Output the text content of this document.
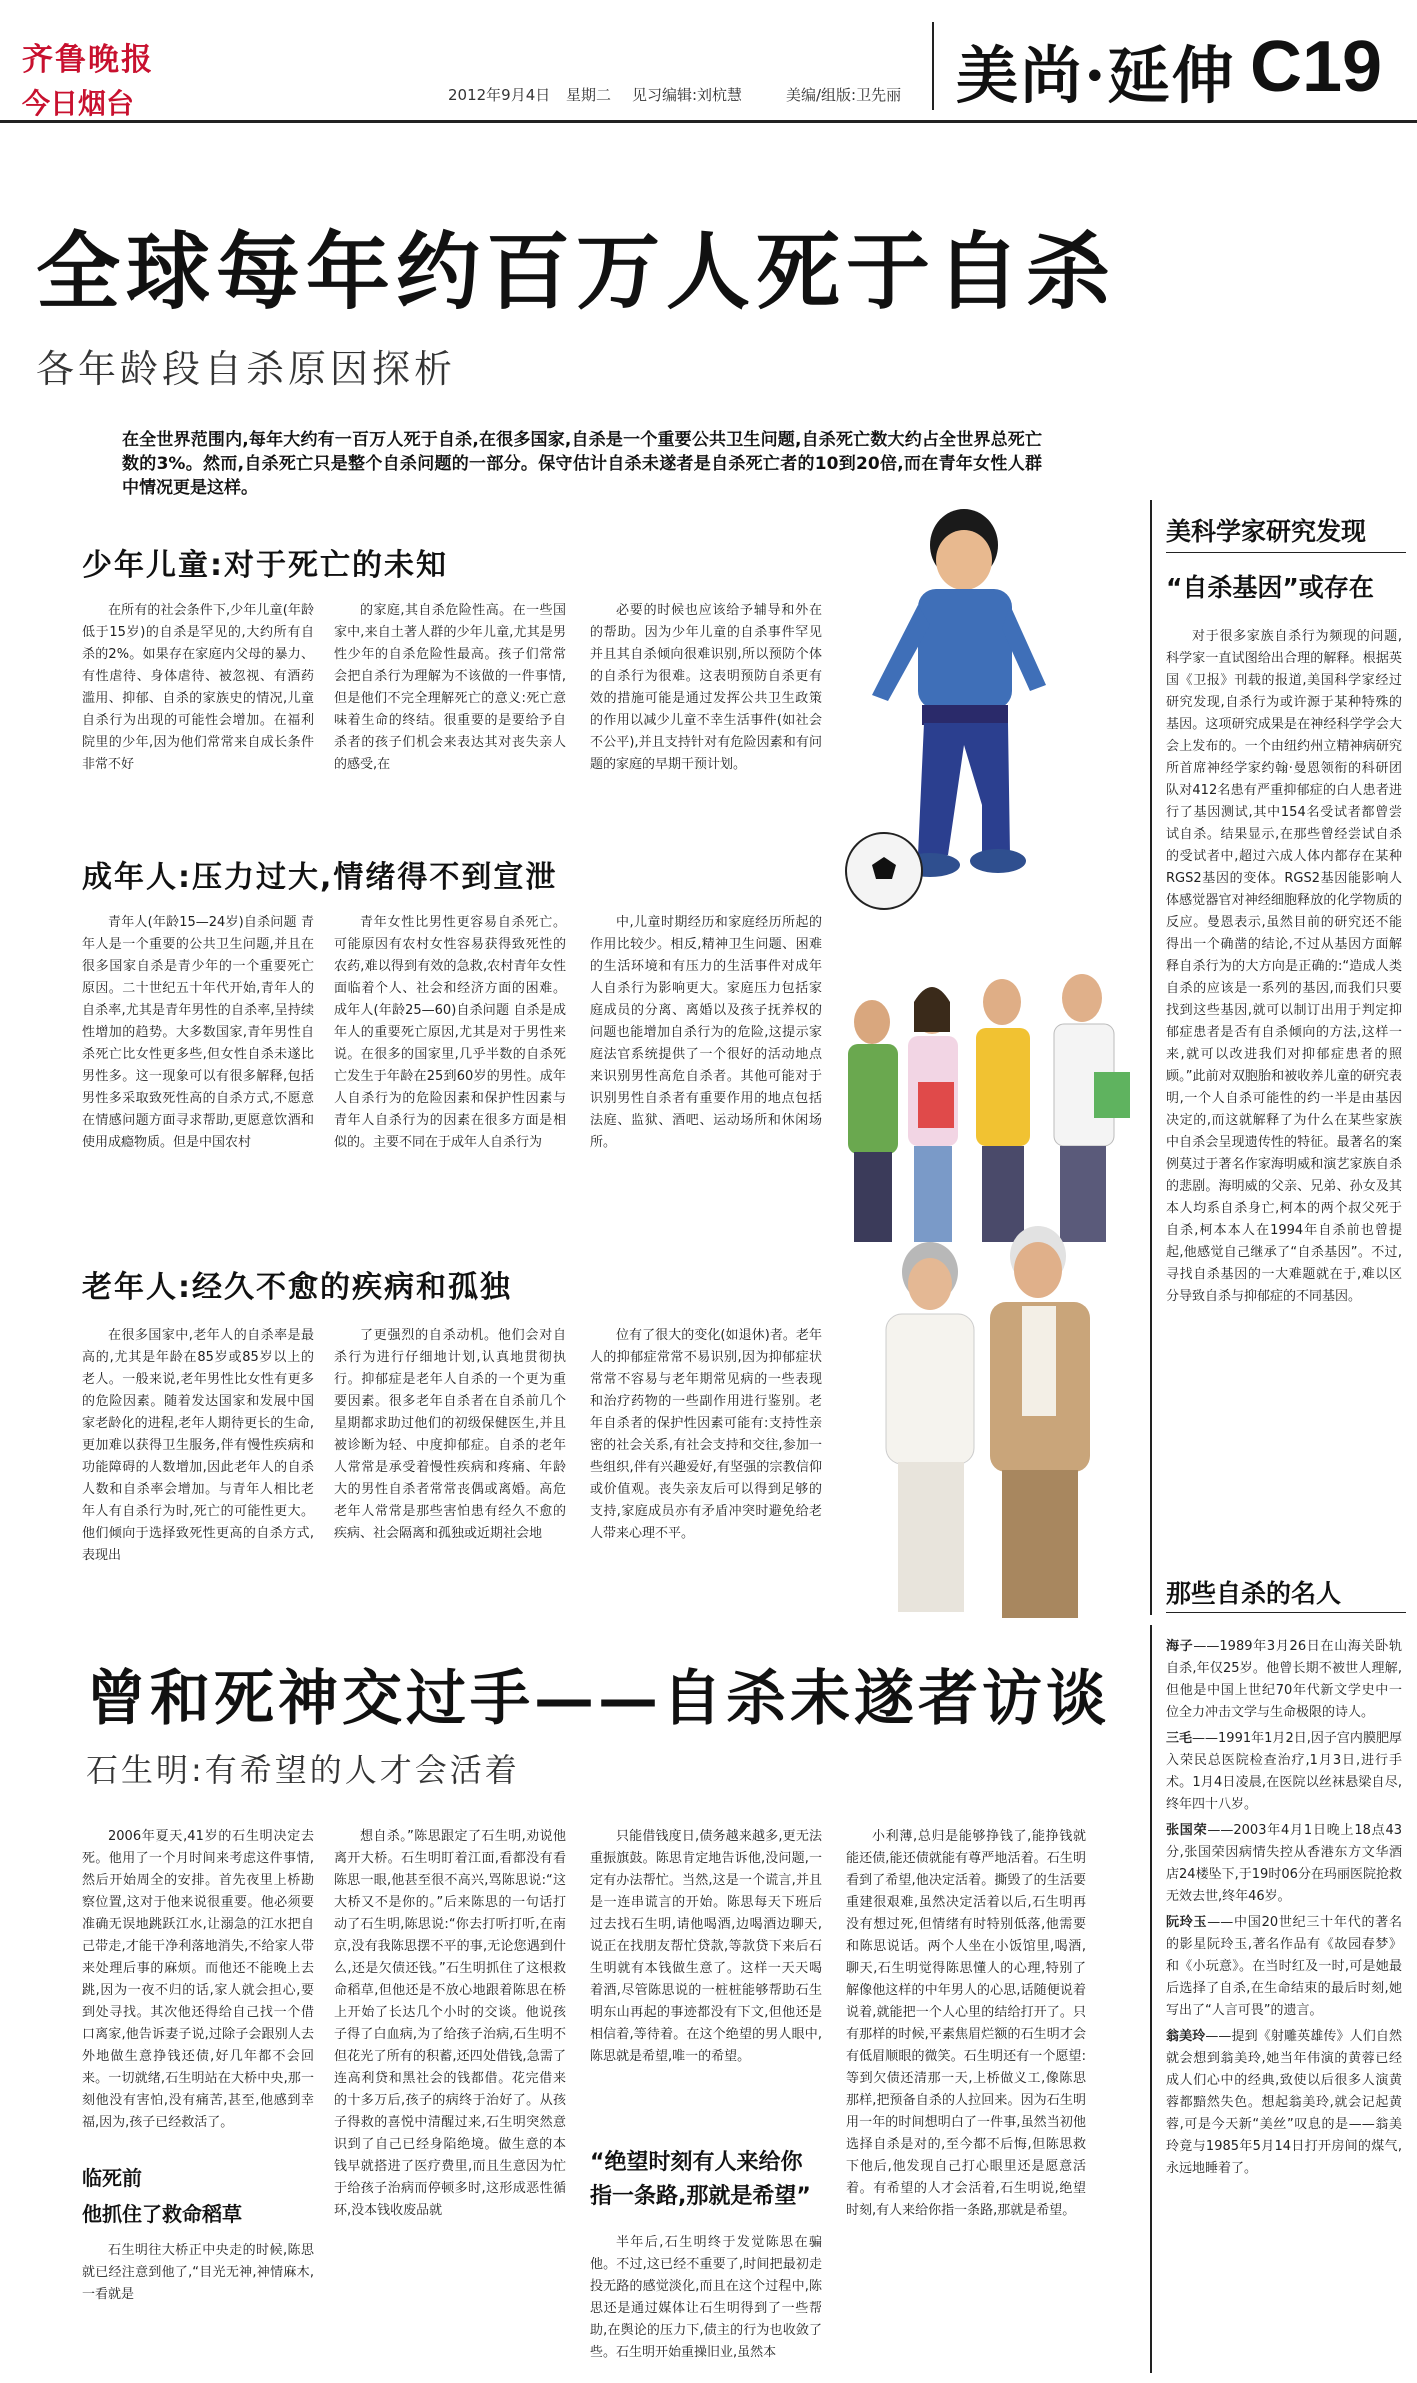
齐鲁晚报
今日烟台	2012年9月4日 星期二 见习编辑:刘杭慧	美编/组版:卫先丽 美尚·延伸 C19
全球每年约百万人死于自杀
各年龄段自杀原因探析
在全世界范围内,每年大约有一百万人死于自杀,在很多国家,自杀是一个重要公共卫生问题,自杀死亡数大约占全世界总死亡数的3%。然而,自杀死亡只是整个自杀问题的一部分。保守估计自杀未遂者是自杀死亡者的10到20倍,而在青年女性人群中情况更是这样。
少年儿童:对于死亡的未知
在所有的社会条件下,少年儿童(年龄低于15岁)的自杀是罕见的,大约所有自杀的2%。如果存在家庭内父母的暴力、有性虐待、身体虐待、被忽视、有酒药滥用、抑郁、自杀的家族史的情况,儿童自杀行为出现的可能性会增加。在福利院里的少年,因为他们常常来自成长条件非常不好
的家庭,其自杀危险性高。在一些国家中,来自土著人群的少年儿童,尤其是男性少年的自杀危险性最高。孩子们常常会把自杀行为理解为不该做的一件事情,但是他们不完全理解死亡的意义:死亡意味着生命的终结。很重要的是要给予自杀者的孩子们机会来表达其对丧失亲人的感受,在
必要的时候也应该给予辅导和外在的帮助。因为少年儿童的自杀事件罕见并且其自杀倾向很难识别,所以预防个体的自杀行为很难。这表明预防自杀更有效的措施可能是通过发挥公共卫生政策的作用以减少儿童不幸生活事件(如社会不公平),并且支持针对有危险因素和有问题的家庭的早期干预计划。
成年人:压力过大,情绪得不到宣泄
青年人(年龄15—24岁)自杀问题 青年人是一个重要的公共卫生问题,并且在很多国家自杀是青少年的一个重要死亡原因。二十世纪五十年代开始,青年人的自杀率,尤其是青年男性的自杀率,呈持续性增加的趋势。大多数国家,青年男性自杀死亡比女性更多些,但女性自杀未遂比男性多。这一现象可以有很多解释,包括男性多采取致死性高的自杀方式,不愿意在情感问题方面寻求帮助,更愿意饮酒和使用成瘾物质。但是中国农村
青年女性比男性更容易自杀死亡。可能原因有农村女性容易获得致死性的农药,难以得到有效的急救,农村青年女性面临着个人、社会和经济方面的困难。成年人(年龄25—60)自杀问题 自杀是成年人的重要死亡原因,尤其是对于男性来说。在很多的国家里,几乎半数的自杀死亡发生于年龄在25到60岁的男性。成年人自杀行为的危险因素和保护性因素与青年人自杀行为的因素在很多方面是相似的。主要不同在于成年人自杀行为
中,儿童时期经历和家庭经历所起的作用比较少。相反,精神卫生问题、困难的生活环境和有压力的生活事件对成年人自杀行为影响更大。家庭压力包括家庭成员的分离、离婚以及孩子抚养权的问题也能增加自杀行为的危险,这提示家庭法官系统提供了一个很好的活动地点来识别男性高危自杀者。其他可能对于识别男性自杀者有重要作用的地点包括法庭、监狱、酒吧、运动场所和休闲场所。
老年人:经久不愈的疾病和孤独
在很多国家中,老年人的自杀率是最高的,尤其是年龄在85岁或85岁以上的老人。一般来说,老年男性比女性有更多的危险因素。随着发达国家和发展中国家老龄化的进程,老年人期待更长的生命,更加难以获得卫生服务,伴有慢性疾病和功能障碍的人数增加,因此老年人的自杀人数和自杀率会增加。与青年人相比老年人有自杀行为时,死亡的可能性更大。他们倾向于选择致死性更高的自杀方式,表现出
了更强烈的自杀动机。他们会对自杀行为进行仔细地计划,认真地贯彻执行。抑郁症是老年人自杀的一个更为重要因素。很多老年自杀者在自杀前几个星期都求助过他们的初级保健医生,并且被诊断为轻、中度抑郁症。自杀的老年人常常是承受着慢性疾病和疼痛、年龄大的男性自杀者常常丧偶或离婚。高危老年人常常是那些害怕患有经久不愈的疾病、社会隔离和孤独或近期社会地
位有了很大的变化(如退休)者。老年人的抑郁症常常不易识别,因为抑郁症状常常不容易与老年期常见病的一些表现和治疗药物的一些副作用进行鉴别。老年自杀者的保护性因素可能有:支持性亲密的社会关系,有社会支持和交往,参加一些组织,伴有兴趣爱好,有坚强的宗教信仰或价值观。丧失亲友后可以得到足够的支持,家庭成员亦有矛盾冲突时避免给老人带来心理不平。
美科学家研究发现
“自杀基因”或存在
对于很多家族自杀行为频现的问题,科学家一直试图给出合理的解释。根据英国《卫报》刊载的报道,美国科学家经过研究发现,自杀行为或许源于某种特殊的基因。这项研究成果是在神经科学学会大会上发布的。一个由纽约州立精神病研究所首席神经学家约翰·曼恩领衔的科研团队对412名患有严重抑郁症的白人患者进行了基因测试,其中154名受试者都曾尝试自杀。结果显示,在那些曾经尝试自杀的受试者中,超过六成人体内都存在某种RGS2基因的变体。RGS2基因能影响人体感觉器官对神经细胞释放的化学物质的反应。曼恩表示,虽然目前的研究还不能得出一个确凿的结论,不过从基因方面解释自杀行为的大方向是正确的:“造成人类自杀的应该是一系列的基因,而我们只要找到这些基因,就可以制订出用于判定抑郁症患者是否有自杀倾向的方法,这样一来,就可以改进我们对抑郁症患者的照顾。”此前对双胞胎和被收养儿童的研究表明,一个人自杀可能性的约一半是由基因决定的,而这就解释了为什么在某些家族中自杀会呈现遗传性的特征。最著名的案例莫过于著名作家海明威和演艺家族自杀的悲剧。海明威的父亲、兄弟、孙女及其本人均系自杀身亡,柯本的两个叔父死于自杀,柯本本人在1994年自杀前也曾提起,他感觉自己继承了“自杀基因”。不过,寻找自杀基因的一大难题就在于,难以区分导致自杀与抑郁症的不同基因。
那些自杀的名人
海子——1989年3月26日在山海关卧轨自杀,年仅25岁。他曾长期不被世人理解,但他是中国上世纪70年代新文学史中一位全力冲击文学与生命极限的诗人。
三毛——1991年1月2日,因子宫内膜肥厚入荣民总医院检查治疗,1月3日,进行手术。1月4日凌晨,在医院以丝袜悬梁自尽,终年四十八岁。
张国荣——2003年4月1日晚上18点43分,张国荣因病情失控从香港东方文华酒店24楼坠下,于19时06分在玛丽医院抢救无效去世,终年46岁。
阮玲玉——中国20世纪三十年代的著名的影星阮玲玉,著名作品有《故园春梦》和《小玩意》。在当时红及一时,可是她最后选择了自杀,在生命结束的最后时刻,她写出了“人言可畏”的遗言。
翁美玲——提到《射雕英雄传》人们自然就会想到翁美玲,她当年伟演的黄蓉已经成人们心中的经典,致使以后很多人演黄蓉都黯然失色。想起翁美玲,就会记起黄蓉,可是今天新“美丝”叹息的是——翁美玲竟与1985年5月14日打开房间的煤气,永远地睡着了。
曾和死神交过手——自杀未遂者访谈
石生明:有希望的人才会活着
2006年夏天,41岁的石生明决定去死。他用了一个月时间来考虑这件事情,然后开始周全的安排。首先夜里上桥勘察位置,这对于他来说很重要。他必须要准确无误地跳跃江水,让溺急的江水把自己带走,才能干净利落地消失,不给家人带来处理后事的麻烦。而他还不能晚上去跳,因为一夜不归的话,家人就会担心,要到处寻找。其次他还得给自己找一个借口离家,他告诉妻子说,过除子会跟别人去外地做生意挣钱还债,好几年都不会回来。一切就绪,石生明站在大桥中央,那一刻他没有害怕,没有痛苦,甚至,他感到幸福,因为,孩子已经救活了。
临死前
他抓住了救命稻草
石生明往大桥正中央走的时候,陈思就已经注意到他了,“目光无神,神情麻木,一看就是
想自杀。”陈思跟定了石生明,劝说他离开大桥。石生明盯着江面,看都没有看陈思一眼,他甚至很不高兴,骂陈思说:“这大桥又不是你的。”后来陈思的一句话打动了石生明,陈思说:“你去打听打听,在南京,没有我陈思摆不平的事,无论您遇到什么,还是欠债还钱。”石生明抓住了这根救命稻草,但他还是不放心地跟着陈思在桥上开始了长达几个小时的交谈。他说孩子得了白血病,为了给孩子治病,石生明不但花光了所有的积蓄,还四处借钱,急需了连高利贷和黑社会的钱都借。花完借来的十多万后,孩子的病终于治好了。从孩子得救的喜悦中清醒过来,石生明突然意识到了自己已经身陷绝境。做生意的本钱早就搭进了医疗费里,而且生意因为忙于给孩子治病而停顿多时,这形成恶性循环,没本钱收废品就
只能借钱度日,债务越来越多,更无法重振旗鼓。陈思肯定地告诉他,没问题,一定有办法帮忙。当然,这是一个谎言,并且是一连串谎言的开始。陈思每天下班后过去找石生明,请他喝酒,边喝酒边聊天,说正在找朋友帮忙贷款,等款贷下来后石生明就有本钱做生意了。这样一天天喝着酒,尽管陈思说的一桩桩能够帮助石生明东山再起的事迹都没有下文,但他还是相信着,等待着。在这个绝望的男人眼中,陈思就是希望,唯一的希望。
“绝望时刻有人来给你指一条路,那就是希望”
半年后,石生明终于发觉陈思在骗他。不过,这已经不重要了,时间把最初走投无路的感觉淡化,而且在这个过程中,陈思还是通过媒体让石生明得到了一些帮助,在舆论的压力下,债主的行为也收敛了些。石生明开始重操旧业,虽然本
小利薄,总归是能够挣钱了,能挣钱就能还债,能还债就能有尊严地活着。石生明看到了希望,他决定活着。撕毁了的生活要重建很艰难,虽然决定活着以后,石生明再没有想过死,但情绪有时特别低落,他需要和陈思说话。两个人坐在小饭馆里,喝酒,聊天,石生明觉得陈思懂人的心理,特别了解像他这样的中年男人的心思,话随便说着说着,就能把一个人心里的结给打开了。只有那样的时候,平素焦眉烂额的石生明才会有低眉顺眼的微笑。石生明还有一个愿望:等到欠债还清那一天,上桥做义工,像陈思那样,把预备自杀的人拉回来。因为石生明用一年的时间想明白了一件事,虽然当初他选择自杀是对的,至今都不后悔,但陈思救下他后,他发现自己打心眼里还是愿意活着。有希望的人才会活着,石生明说,绝望时刻,有人来给你指一条路,那就是希望。
